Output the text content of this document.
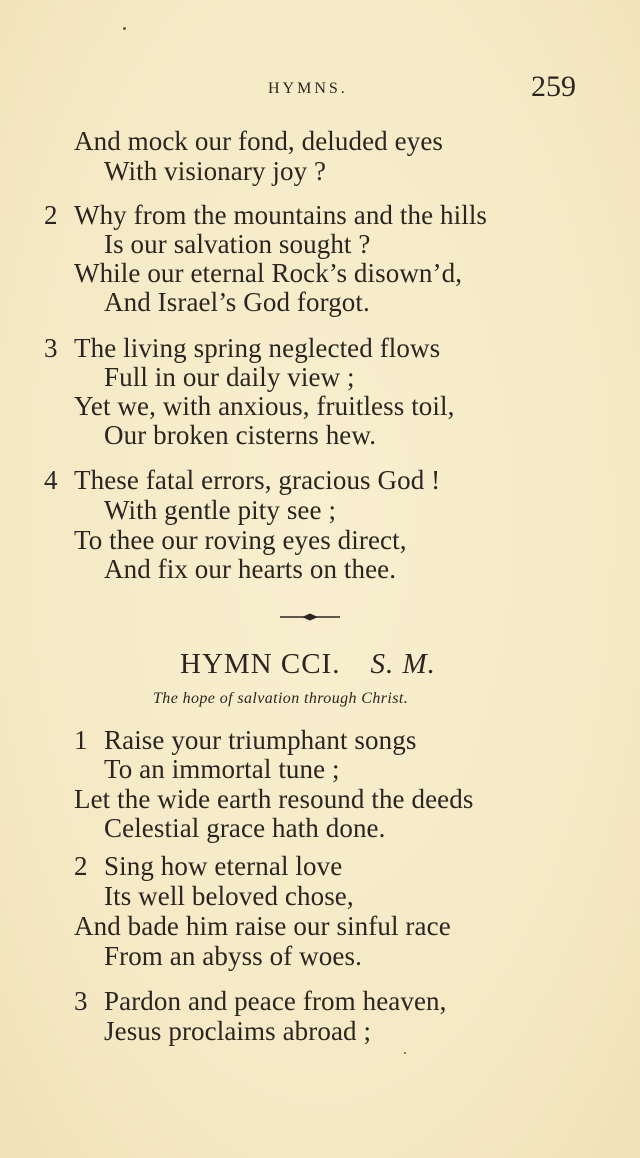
HYMNS.	259
And mock our fond, deluded eyes
With visionary joy ?
2 Why from the mountains and the hills
Is our salvation sought ?
While our eternal Rock’s disown’d,
And Israel’s God forgot.
3 The living spring neglected flows
Full in our daily view ;
Yet we, with anxious, fruitless toil,
Our broken cisterns hew.
4 These fatal errors, gracious God !
With gentle pity see ;
To thee our roving eyes direct,
And fix our hearts on thee.
HYMN CCI. S. M.
The hope of salvation through Christ.
1 Raise your triumphant songs
To an immortal tune ;
Let the wide earth resound the deeds
Celestial grace hath done.
2 Sing how eternal love
Its well beloved chose,
And bade him raise our sinful race
From an abyss of woes.
3 Pardon and peace from heaven,
Jesus proclaims abroad ;
